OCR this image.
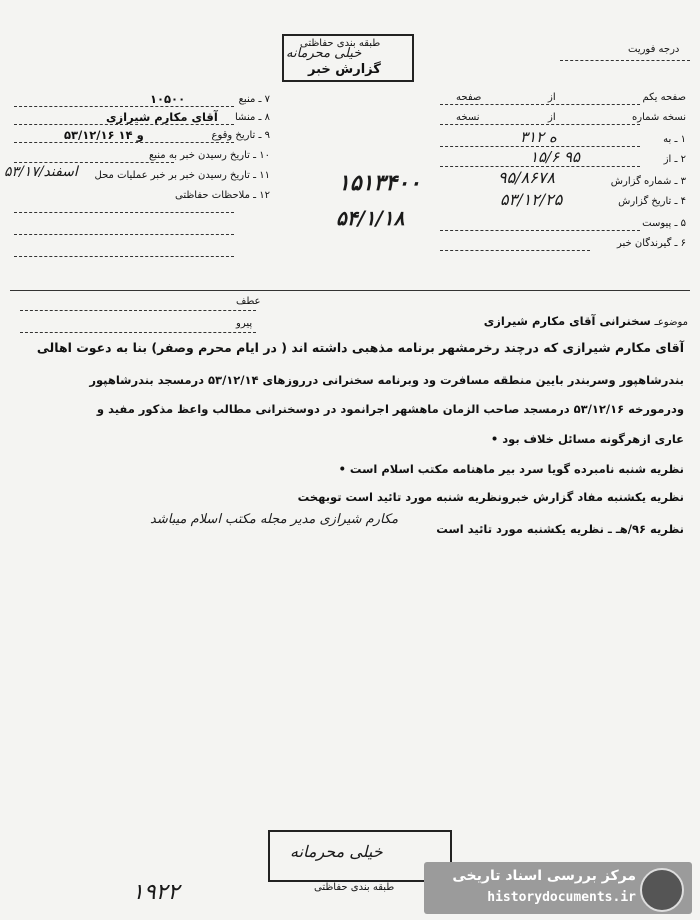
طبقه بندی حفاظتی
خیلی محرمانه
گزارش خبر
درجه فوریت
۷ ـ منبع
۱۰۵۰۰
۸ ـ منشا
آقای مکارم شیرازی
۹ ـ تاریخ وقوع
۵۳/۱۲/۱۶ و ۱۴
۱۰ ـ تاریخ رسیدن خبر به منبع
۱۱ ـ تاریخ رسیدن خبر بر خبر عملیات محل
۵۳/اسفند/۱۷
۱۲ ـ ملاحظات حفاظتی
صفحه یکم
از
صفحه
نسخه شماره
از
نسخه
۱ ـ به
۳۱۲ ه
۲ ـ از
۱۵/۶ ۹۵
۳ ـ شماره گزارش
۹۵/۸۶۷۸
۴ ـ تاریخ گزارش
۵۳/۱۲/۲۵
۵ ـ پیوست
۶ ـ گیرندگان خبر
۱۵۱۳۴۰۰
۵۴/۱/۱۸
عطف
پیرو	موضوعـ سخنرانی آقای مکارم شیرازی
آقای مکارم شیرازی که درچند رخرمشهر برنامه مذهبی داشته اند ( در ایام محرم وصفر) بنا به دعوت اهالی
بندرشاهپور وسربندر بایین منطقه مسافرت ود وبرنامه سخنرانی درروزهای ۵۳/۱۲/۱۴ درمسجد بندرشاهپور
ودرمورخه ۵۳/۱۲/۱۶ درمسجد صاحب الزمان ماهشهر اجرانمود در دوسخنرانی مطالب واعظ مذکور مفید و
عاری ازهرگونه مسائل خلاف بود •
نظریه شنبه نامبرده گویا سرد بیر ماهنامه مکتب اسلام است •
نظریه یکشنبه مفاد گزارش خبرونظریه شنبه مورد تائید است توبهخت
نظریه ۹۶/هـ ـ نظریه یکشنبه مورد تائید است
مکارم شیرازی مدیر مجله مکتب اسلام میباشد
خیلی محرمانه
طبقه بندی حفاظتی
۱۹۲۲
مرکز بررسی اسناد تاریخی
historydocuments.ir
